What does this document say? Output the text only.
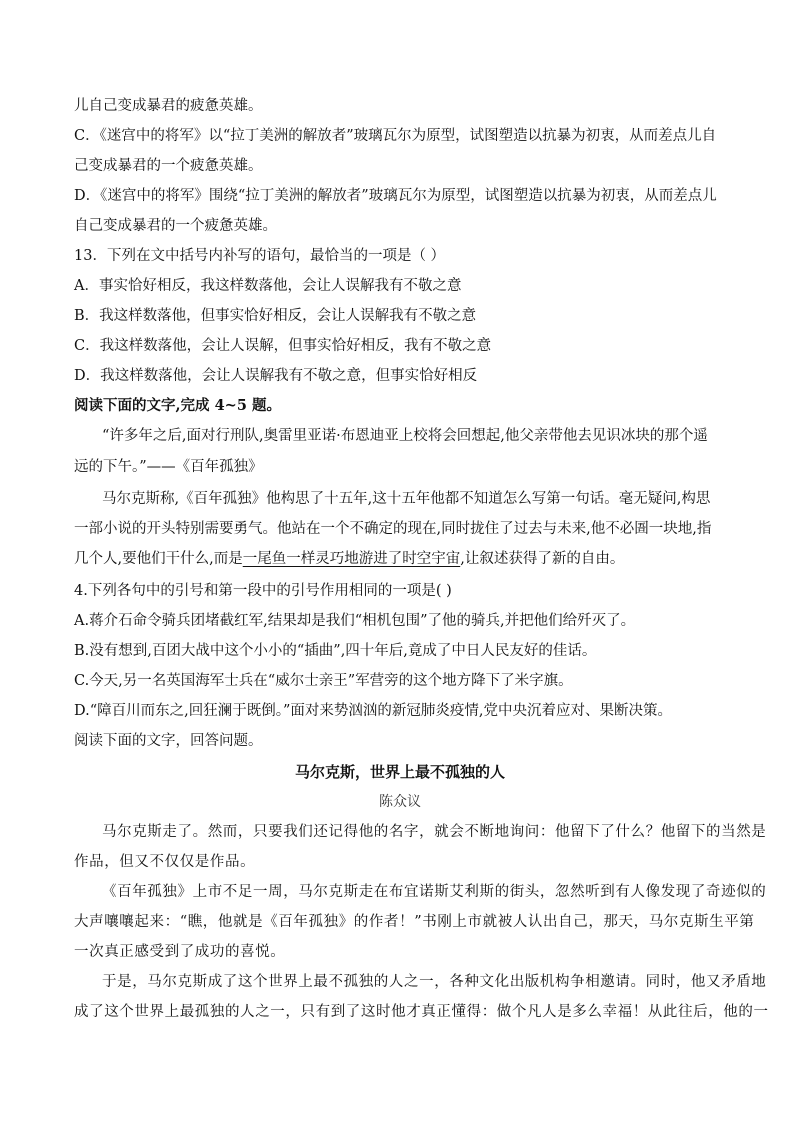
儿自己变成暴君的疲惫英雄。
C．《迷宫中的将军》以“拉丁美洲的解放者”玻璃瓦尔为原型，试图塑造以抗暴为初衷，从而差点儿自
己变成暴君的一个疲惫英雄。
D．《迷宫中的将军》围绕“拉丁美洲的解放者”玻璃瓦尔为原型，试图塑造以抗暴为初衷，从而差点儿
自己变成暴君的一个疲惫英雄。
13．下列在文中括号内补写的语句，最恰当的一项是（ ）
A．事实恰好相反，我这样数落他，会让人误解我有不敬之意
B．我这样数落他，但事实恰好相反，会让人误解我有不敬之意
C．我这样数落他，会让人误解，但事实恰好相反，我有不敬之意
D．我这样数落他，会让人误解我有不敬之意，但事实恰好相反
阅读下面的文字,完成 4~5 题。
“许多年之后,面对行刑队,奥雷里亚诺·布恩迪亚上校将会回想起,他父亲带他去见识冰块的那个遥
远的下午。”——《百年孤独》
马尔克斯称,《百年孤独》他构思了十五年,这十五年他都不知道怎么写第一句话。毫无疑问,构思
一部小说的开头特别需要勇气。他站在一个不确定的现在,同时拢住了过去与未来,他不必圄一块地,指
几个人,要他们干什么,而是一尾鱼一样灵巧地游进了时空宇宙,让叙述获得了新的自由。
4.下列各句中的引号和第一段中的引号作用相同的一项是( )
A.蒋介石命令骑兵团堵截红军,结果却是我们“相机包围”了他的骑兵,并把他们给歼灭了。
B.没有想到,百团大战中这个小小的“插曲”,四十年后,竟成了中日人民友好的佳话。
C.今天,另一名英国海军士兵在“威尔士亲王”军营旁的这个地方降下了米字旗。
D.“障百川而东之,回狂澜于既倒。”面对来势汹汹的新冠肺炎疫情,党中央沉着应对、果断决策。
阅读下面的文字，回答问题。
马尔克斯，世界上最不孤独的人
陈众议
马尔克斯走了。然而，只要我们还记得他的名字，就会不断地询问：他留下了什么？他留下的当然是
作品，但又不仅仅是作品。
《百年孤独》上市不足一周，马尔克斯走在布宜诺斯艾利斯的街头，忽然听到有人像发现了奇迹似的
大声嚷嚷起来：“瞧，他就是《百年孤独》的作者！”书刚上市就被人认出自己，那天，马尔克斯生平第
一次真正感受到了成功的喜悦。
于是，马尔克斯成了这个世界上最不孤独的人之一，各种文化出版机构争相邀请。同时，他又矛盾地
成了这个世界上最孤独的人之一，只有到了这时他才真正懂得：做个凡人是多么幸福！从此往后，他的一
